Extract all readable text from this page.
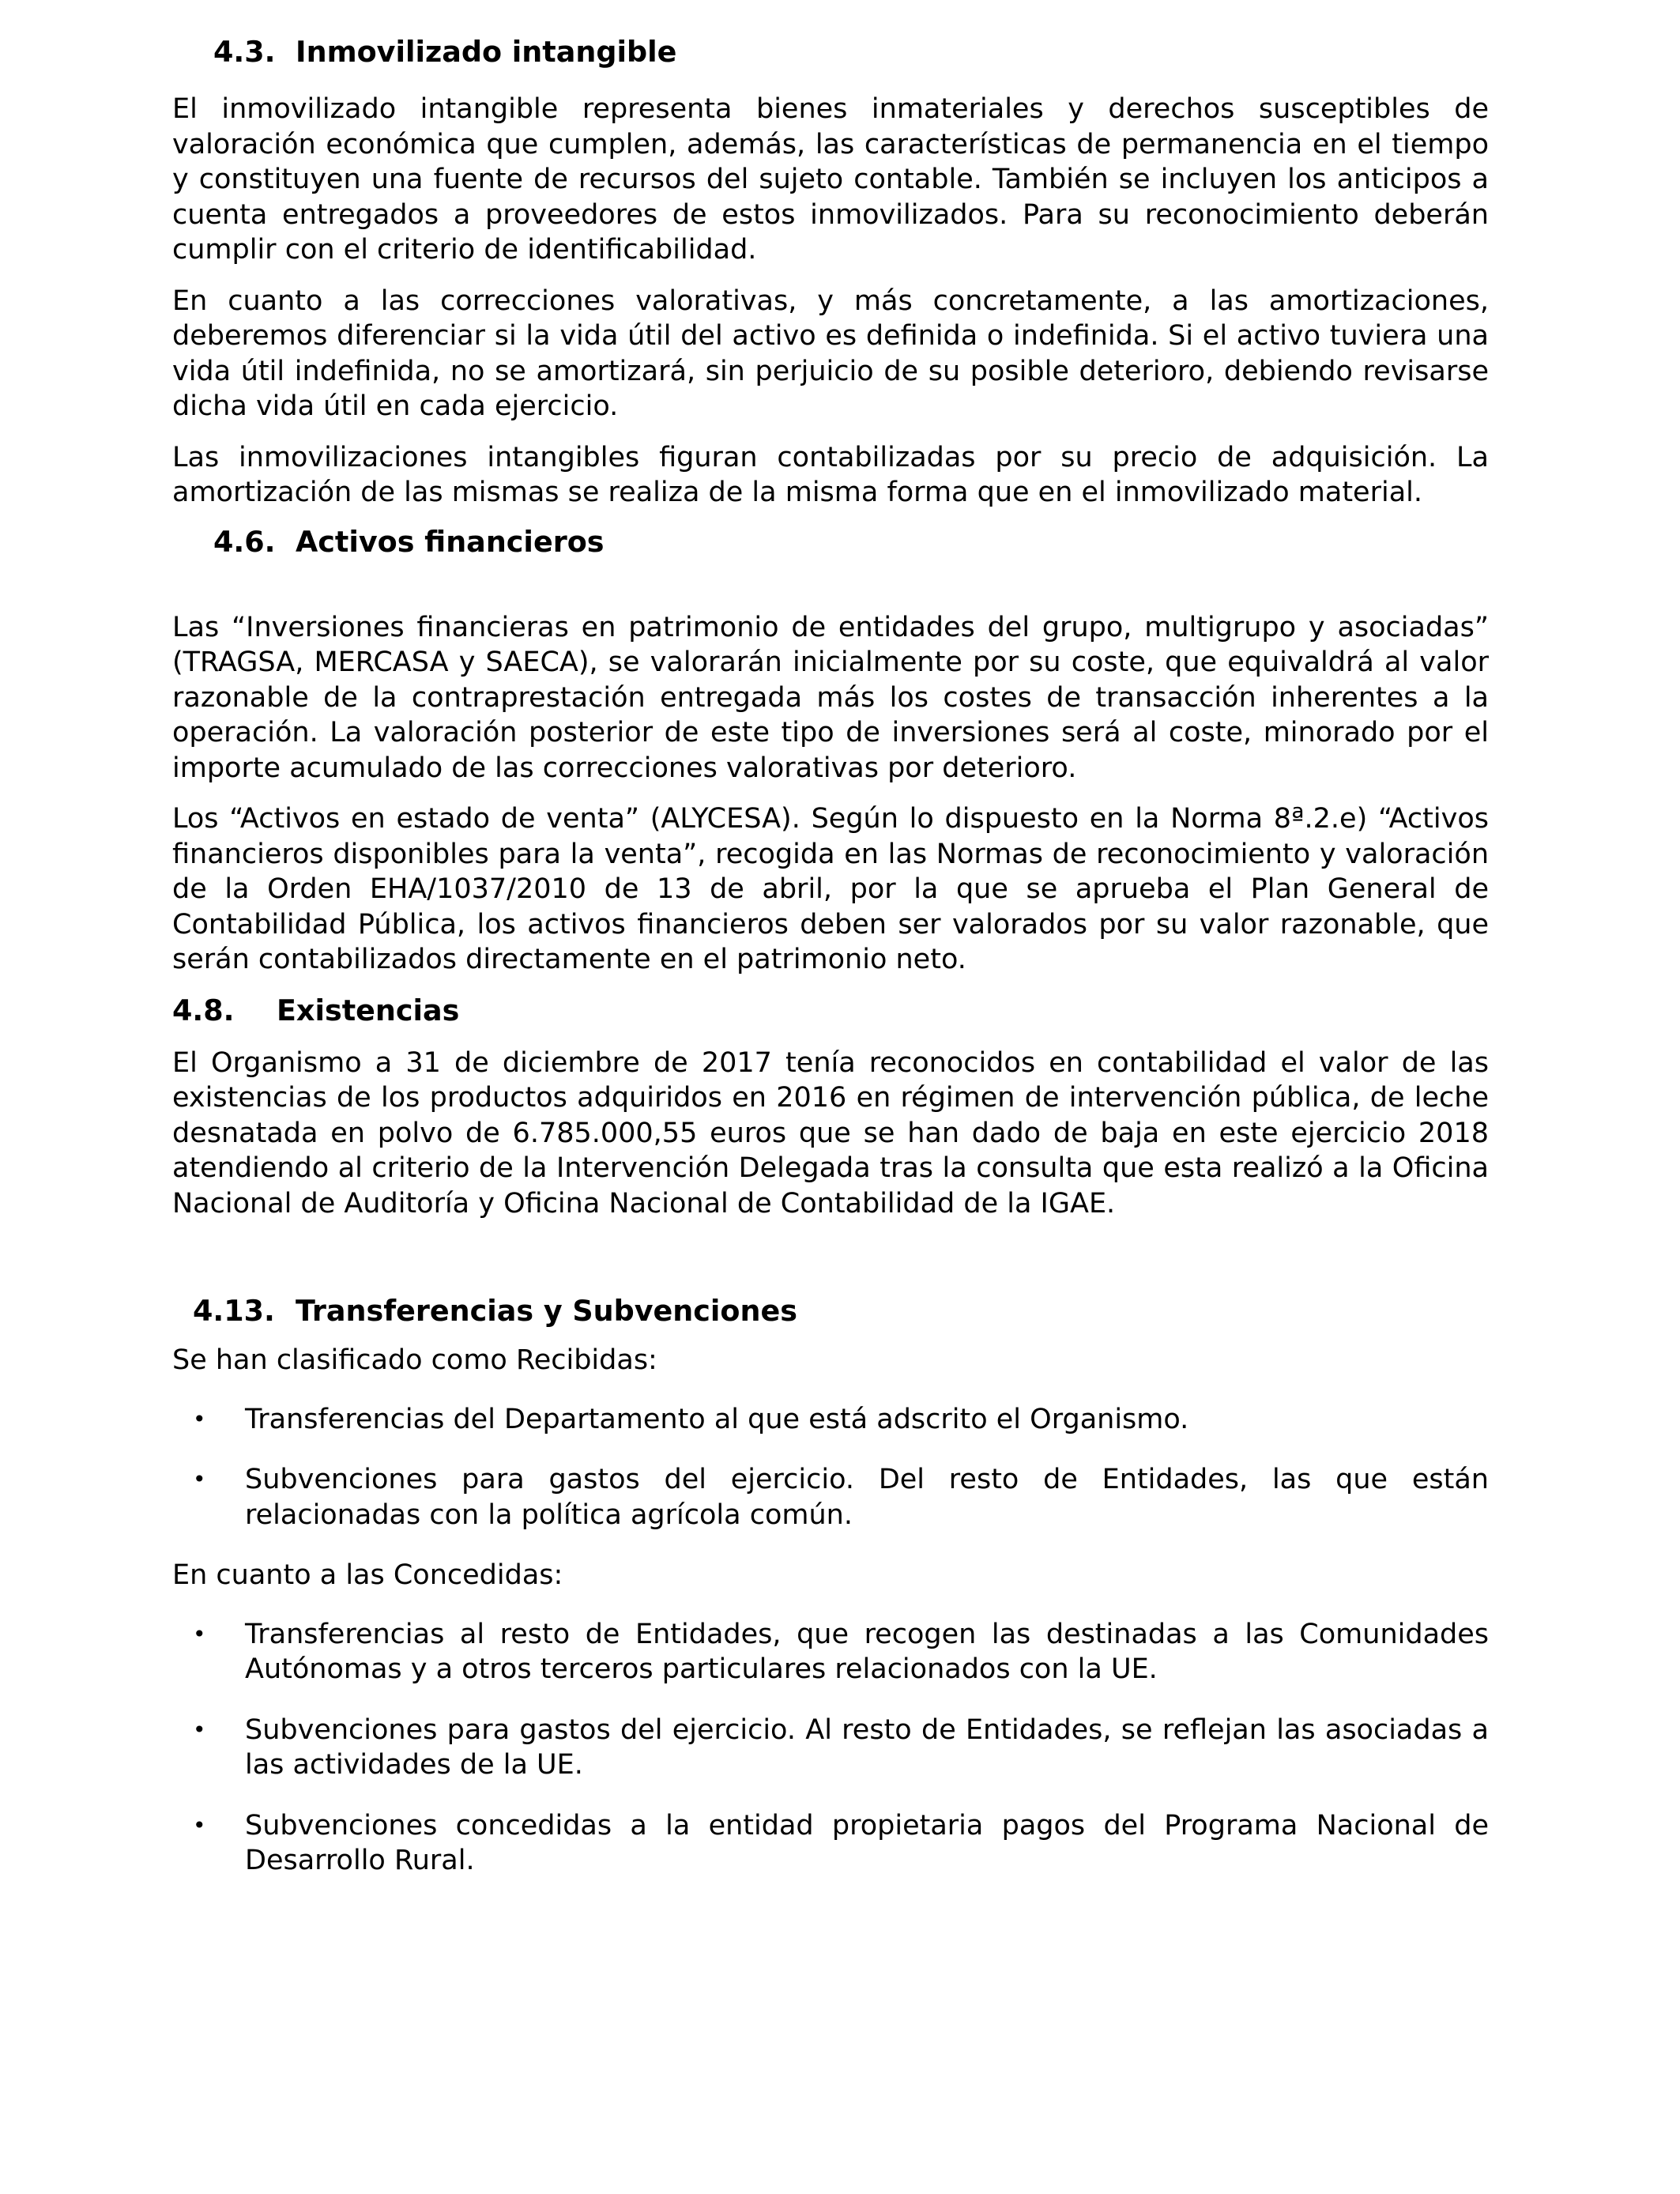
4.3. Inmovilizado intangible

El inmovilizado intangible representa bienes inmateriales y derechos susceptibles de valoración económica que cumplen, además, las características de permanencia en el tiempo y constituyen una fuente de recursos del sujeto contable. También se incluyen los anticipos a cuenta entregados a proveedores de estos inmovilizados. Para su reconocimiento deberán cumplir con el criterio de identificabilidad.

En cuanto a las correcciones valorativas, y más concretamente, a las amortizaciones, deberemos diferenciar si la vida útil del activo es definida o indefinida. Si el activo tuviera una vida útil indefinida, no se amortizará, sin perjuicio de su posible deterioro, debiendo revisarse dicha vida útil en cada ejercicio.

Las inmovilizaciones intangibles figuran contabilizadas por su precio de adquisición. La amortización de las mismas se realiza de la misma forma que en el inmovilizado material.

4.6. Activos financieros

Las “Inversiones financieras en patrimonio de entidades del grupo, multigrupo y asociadas” (TRAGSA, MERCASA y SAECA), se valorarán inicialmente por su coste, que equivaldrá al valor razonable de la contraprestación entregada más los costes de transacción inherentes a la operación. La valoración posterior de este tipo de inversiones será al coste, minorado por el importe acumulado de las correcciones valorativas por deterioro.

Los “Activos en estado de venta” (ALYCESA). Según lo dispuesto en la Norma 8ª.2.e) “Activos financieros disponibles para la venta”, recogida en las Normas de reconocimiento y valoración de la Orden EHA/1037/2010 de 13 de abril, por la que se aprueba el Plan General de Contabilidad Pública, los activos financieros deben ser valorados por su valor razonable, que serán contabilizados directamente en el patrimonio neto.

4.8. Existencias

El Organismo a 31 de diciembre de 2017 tenía reconocidos en contabilidad el valor de las existencias de los productos adquiridos en 2016 en régimen de intervención pública, de leche desnatada en polvo de 6.785.000,55 euros que se han dado de baja en este ejercicio 2018 atendiendo al criterio de la Intervención Delegada tras la consulta que esta realizó a la Oficina Nacional de Auditoría y Oficina Nacional de Contabilidad de la IGAE.

4.13. Transferencias y Subvenciones

Se han clasificado como Recibidas:

• Transferencias del Departamento al que está adscrito el Organismo.
• Subvenciones para gastos del ejercicio. Del resto de Entidades, las que están relacionadas con la política agrícola común.

En cuanto a las Concedidas:

• Transferencias al resto de Entidades, que recogen las destinadas a las Comunidades Autónomas y a otros terceros particulares relacionados con la UE.
• Subvenciones para gastos del ejercicio. Al resto de Entidades, se reflejan las asociadas a las actividades de la UE.
• Subvenciones concedidas a la entidad propietaria pagos del Programa Nacional de Desarrollo Rural.
